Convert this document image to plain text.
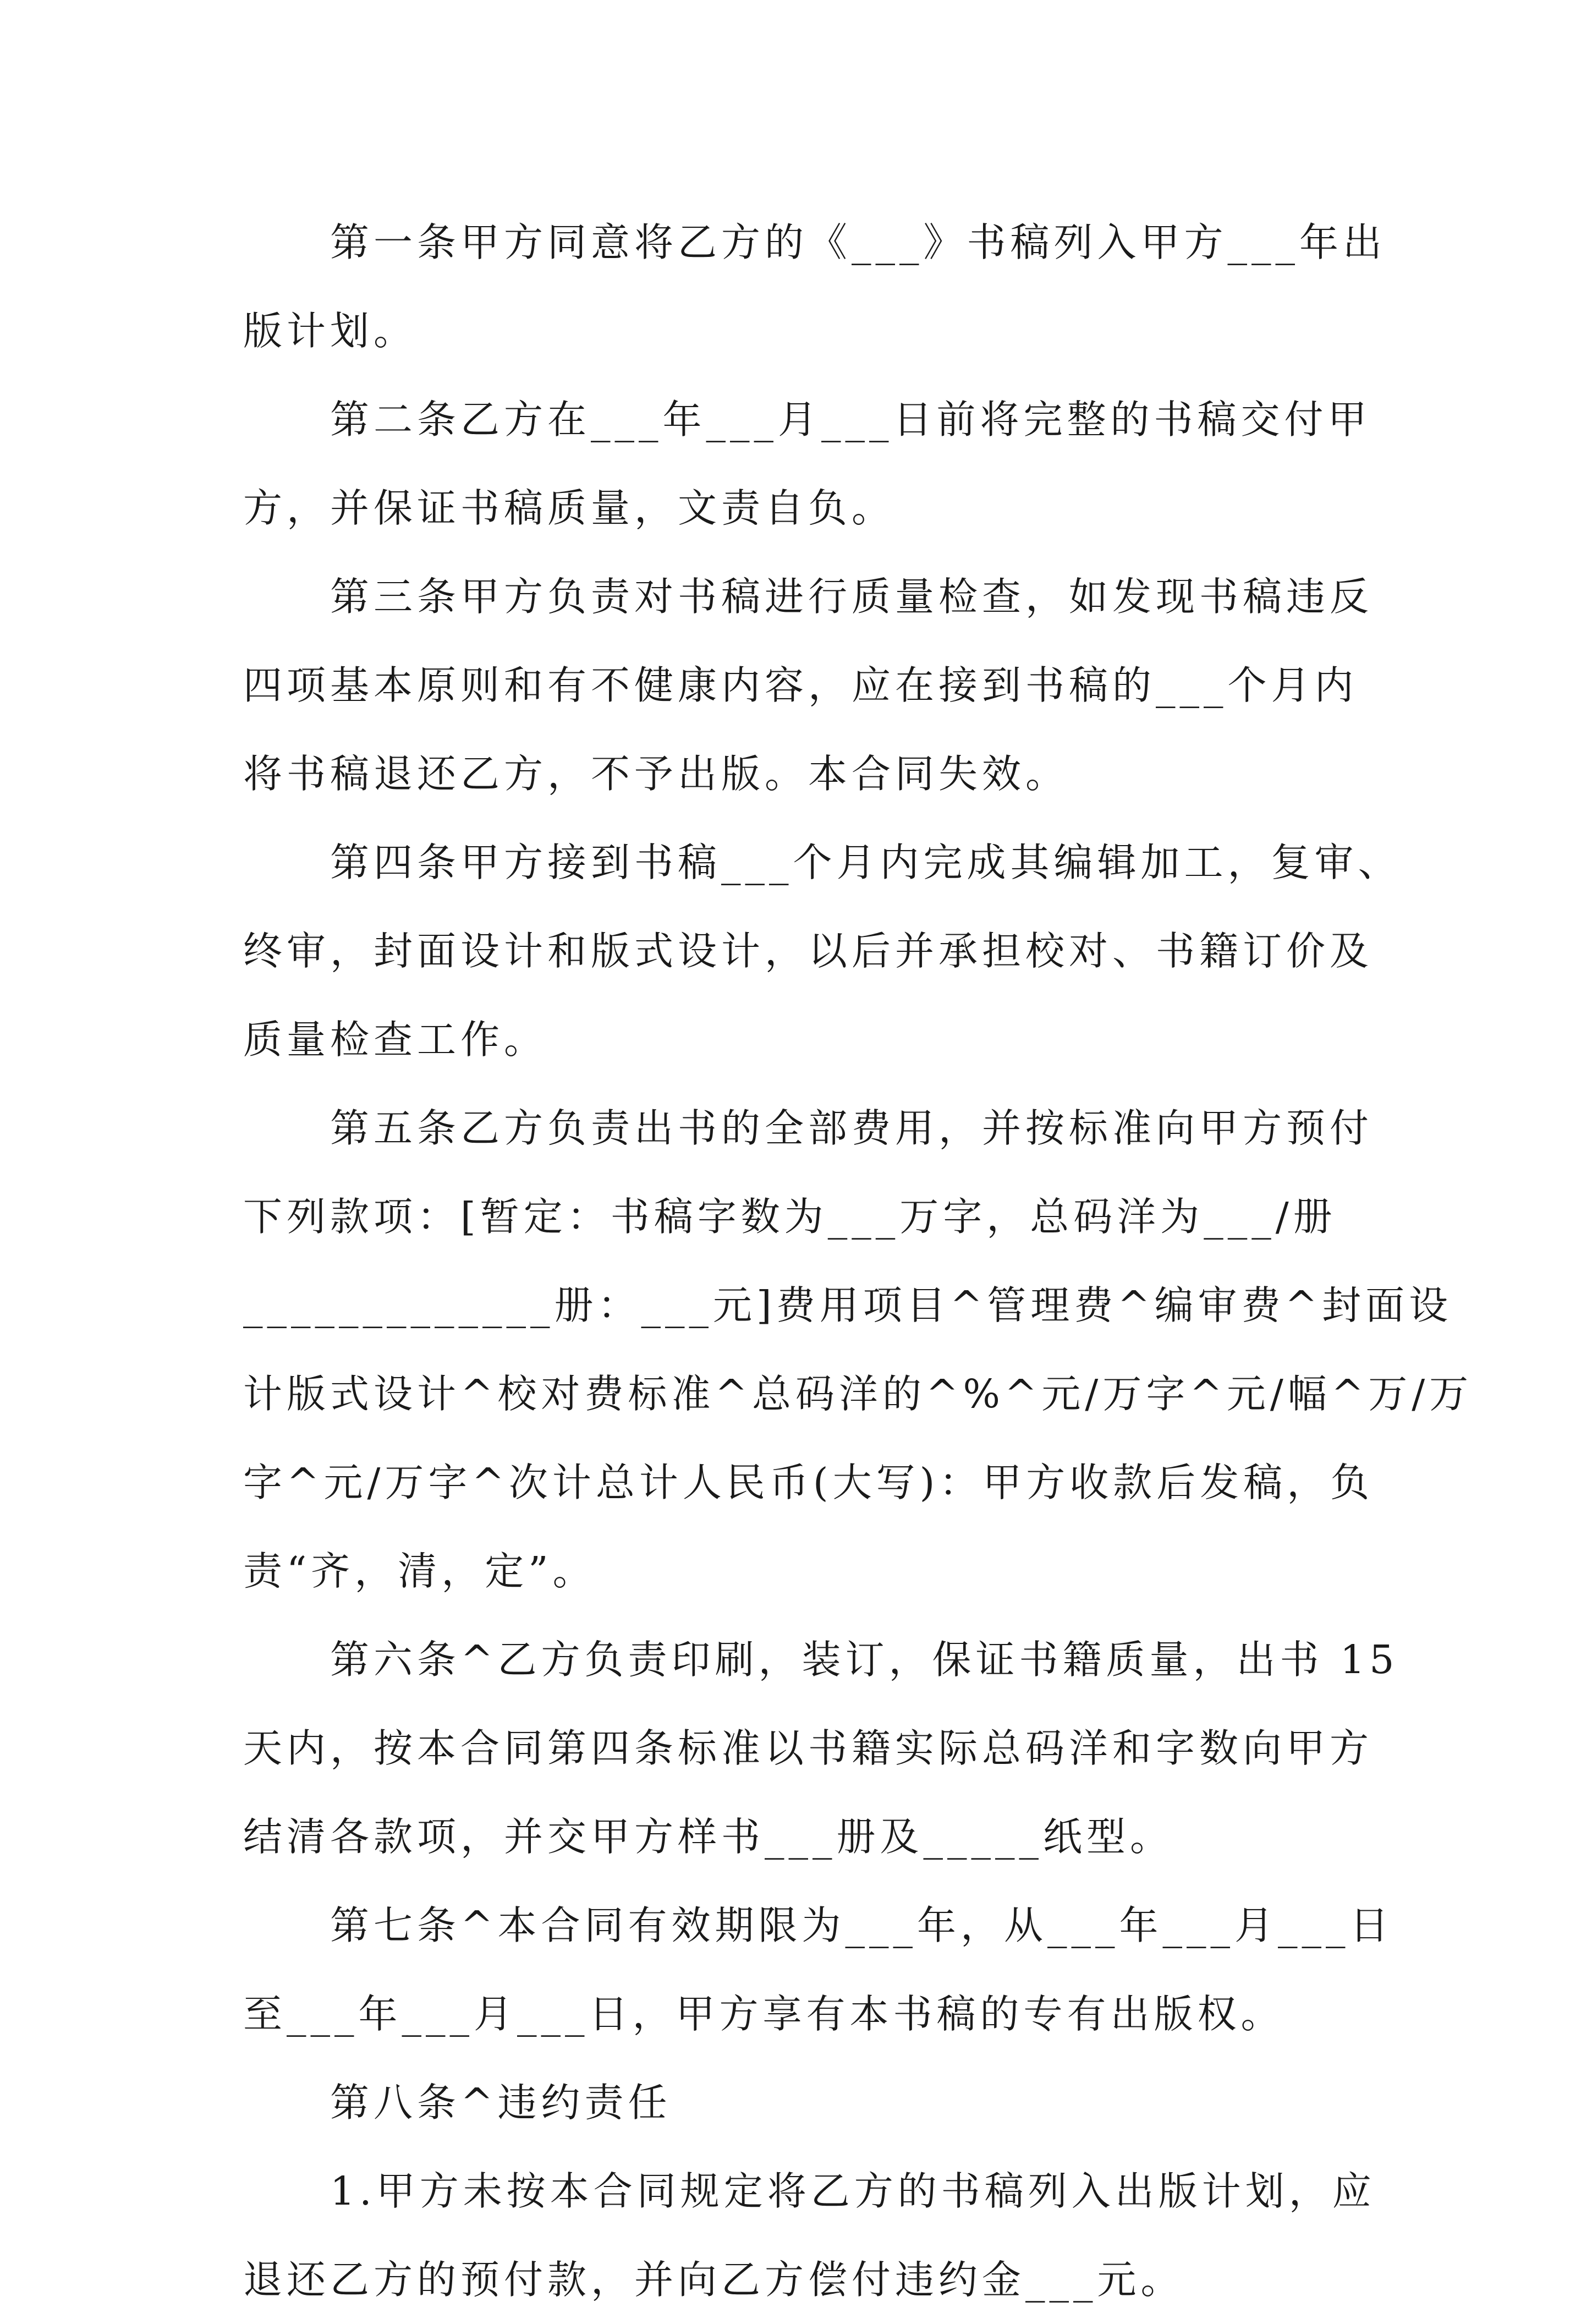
第一条甲方同意将乙方的《___》书稿列入甲方___年出
版计划。
第二条乙方在___年___月___日前将完整的书稿交付甲
方，并保证书稿质量，文责自负。
第三条甲方负责对书稿进行质量检查，如发现书稿违反
四项基本原则和有不健康内容，应在接到书稿的___个月内
将书稿退还乙方，不予出版。本合同失效。
第四条甲方接到书稿___个月内完成其编辑加工，复审、
终审，封面设计和版式设计，以后并承担校对、书籍订价及
质量检查工作。
第五条乙方负责出书的全部费用，并按标准向甲方预付
下列款项：[暂定：书稿字数为___万字，总码洋为___/册
_____________册：___元]费用项目^管理费^编审费^封面设
计版式设计^校对费标准^总码洋的^%^元/万字^元/幅^万/万
字^元/万字^次计总计人民币(大写)：甲方收款后发稿，负
责“齐，清，定”。
第六条^乙方负责印刷，装订，保证书籍质量，出书 15
天内，按本合同第四条标准以书籍实际总码洋和字数向甲方
结清各款项，并交甲方样书___册及_____纸型。
第七条^本合同有效期限为___年，从___年___月___日
至___年___月___日，甲方享有本书稿的专有出版权。
第八条^违约责任
1.甲方未按本合同规定将乙方的书稿列入出版计划，应
退还乙方的预付款，并向乙方偿付违约金___元。
